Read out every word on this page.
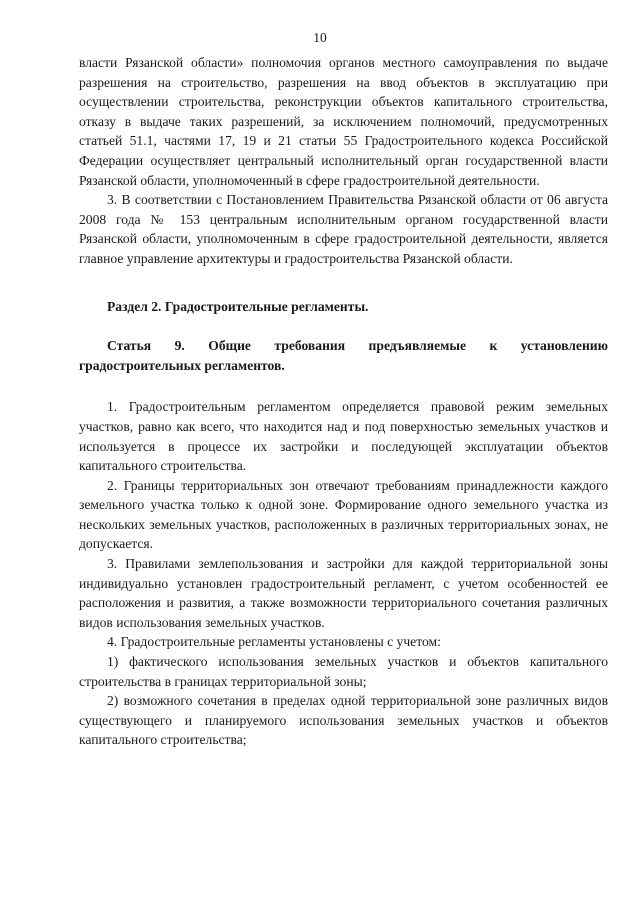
10

власти Рязанской области» полномочия органов местного самоуправления по выдаче разрешения на строительство, разрешения на ввод объектов в эксплуатацию при осуществлении строительства, реконструкции объектов капитального строительства, отказу в выдаче таких разрешений, за исключением полномочий, предусмотренных статьей 51.1, частями 17, 19 и 21 статьи 55 Градостроительного кодекса Российской Федерации осуществляет центральный исполнительный орган государственной власти Рязанской области, уполномоченный в сфере градостроительной деятельности.

3. В соответствии с Постановлением Правительства Рязанской области от 06 августа 2008 года № 153 центральным исполнительным органом государственной власти Рязанской области, уполномоченным в сфере градостроительной деятельности, является главное управление архитектуры и градостроительства Рязанской области.

Раздел 2. Градостроительные регламенты.

Статья 9. Общие требования предъявляемые к установлению градостроительных регламентов.

1. Градостроительным регламентом определяется правовой режим земельных участков, равно как всего, что находится над и под поверхностью земельных участков и используется в процессе их застройки и последующей эксплуатации объектов капитального строительства.

2. Границы территориальных зон отвечают требованиям принадлежности каждого земельного участка только к одной зоне. Формирование одного земельного участка из нескольких земельных участков, расположенных в различных территориальных зонах, не допускается.

3. Правилами землепользования и застройки для каждой территориальной зоны индивидуально установлен градостроительный регламент, с учетом особенностей ее расположения и развития, а также возможности территориального сочетания различных видов использования земельных участков.

4. Градостроительные регламенты установлены с учетом:

1) фактического использования земельных участков и объектов капитального строительства в границах территориальной зоны;

2) возможного сочетания в пределах одной территориальной зоне различных видов существующего и планируемого использования земельных участков и объектов капитального строительства;
